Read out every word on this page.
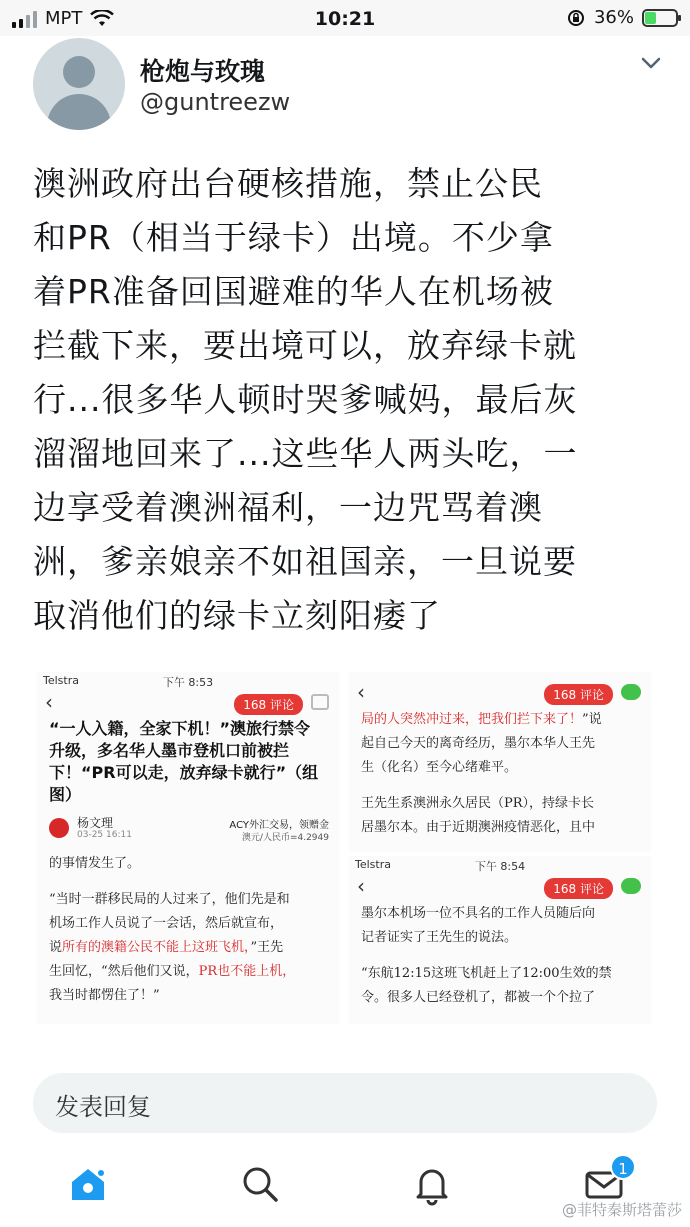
MPT	10:21	36%
枪炮与玫瑰
@guntreezw
澳洲政府出台硬核措施，禁止公民
和PR（相当于绿卡）出境。不少拿
着PR准备回国避难的华人在机场被
拦截下来，要出境可以，放弃绿卡就
行...很多华人顿时哭爹喊妈，最后灰
溜溜地回来了...这些华人两头吃，一
边享受着澳洲福利，一边咒骂着澳
洲，爹亲娘亲不如祖国亲，一旦说要
取消他们的绿卡立刻阳痿了
Telstra	下午 8:53
‹	168 评论
“一人入籍，全家下机！”澳旅行禁令
升级，多名华人墨市登机口前被拦
下！“PR可以走，放弃绿卡就行”（组
图）
杨文理
03-25 16:11
ACY外汇交易，领赠金
澳元/人民币=4.2949
的事情发生了。
“当时一群移民局的人过来了，他们先是和
机场工作人员说了一会话，然后就宣布，
说所有的澳籍公民不能上这班飞机，”王先
生回忆，“然后他们又说，PR也不能上机，
我当时都愣住了！”
‹	168 评论
局的人突然冲过来，把我们拦下来了！”说
起自己今天的离奇经历，墨尔本华人王先
生（化名）至今心绪难平。
王先生系澳洲永久居民（PR），持绿卡长
居墨尔本。由于近期澳洲疫情恶化，且中
Telstra	下午 8:54
‹	168 评论
墨尔本机场一位不具名的工作人员随后向
记者证实了王先生的说法。
“东航12:15这班飞机赶上了12:00生效的禁
令。很多人已经登机了，都被一个个拉了
发表回复
1
@菲特秦斯塔蕾莎
